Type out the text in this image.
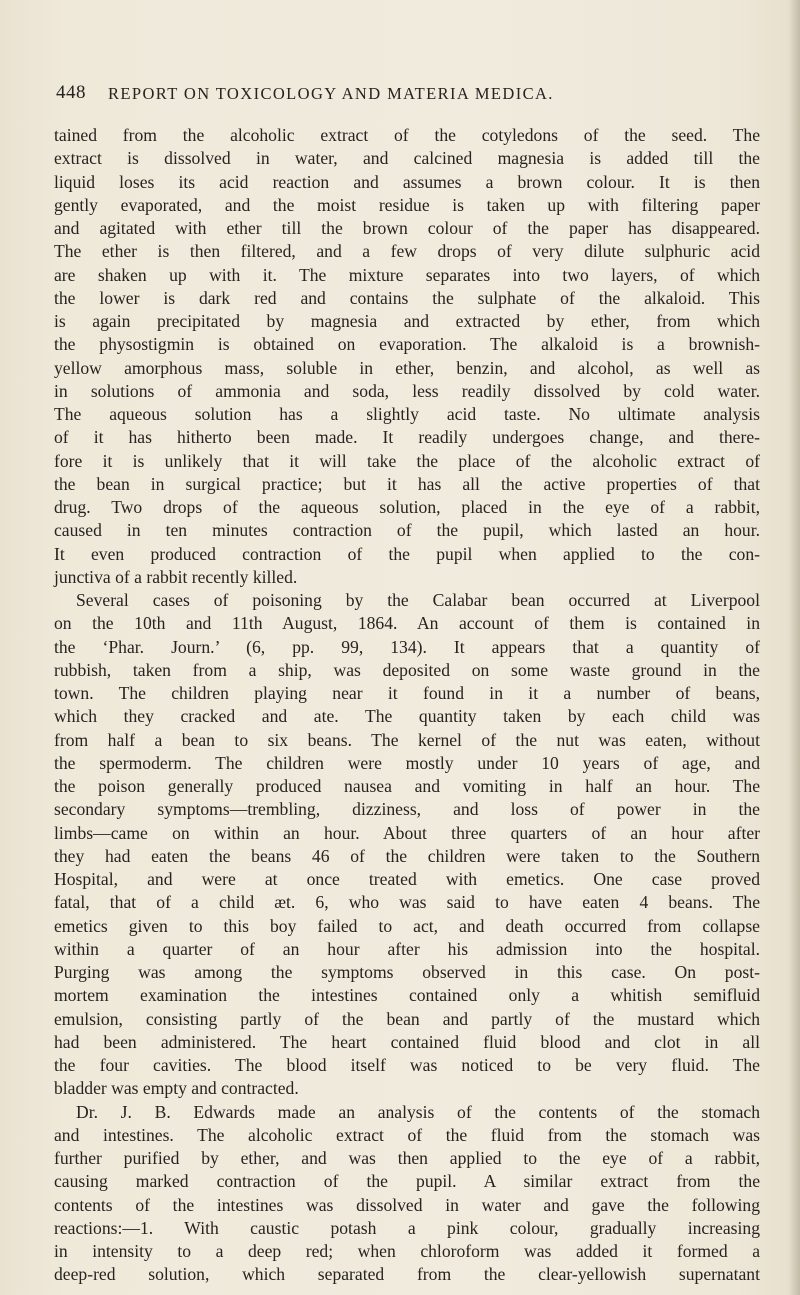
448 REPORT ON TOXICOLOGY AND MATERIA MEDICA.
tained from the alcoholic extract of the cotyledons of the seed. The
extract is dissolved in water, and calcined magnesia is added till the
liquid loses its acid reaction and assumes a brown colour. It is then
gently evaporated, and the moist residue is taken up with filtering paper
and agitated with ether till the brown colour of the paper has disappeared.
The ether is then filtered, and a few drops of very dilute sulphuric acid
are shaken up with it. The mixture separates into two layers, of which
the lower is dark red and contains the sulphate of the alkaloid. This
is again precipitated by magnesia and extracted by ether, from which
the physostigmin is obtained on evaporation. The alkaloid is a brownish-
yellow amorphous mass, soluble in ether, benzin, and alcohol, as well as
in solutions of ammonia and soda, less readily dissolved by cold water.
The aqueous solution has a slightly acid taste. No ultimate analysis
of it has hitherto been made. It readily undergoes change, and there-
fore it is unlikely that it will take the place of the alcoholic extract of
the bean in surgical practice; but it has all the active properties of that
drug. Two drops of the aqueous solution, placed in the eye of a rabbit,
caused in ten minutes contraction of the pupil, which lasted an hour.
It even produced contraction of the pupil when applied to the con-
junctiva of a rabbit recently killed.
Several cases of poisoning by the Calabar bean occurred at Liverpool
on the 10th and 11th August, 1864. An account of them is contained in
the ‘Phar. Journ.’ (6, pp. 99, 134). It appears that a quantity of
rubbish, taken from a ship, was deposited on some waste ground in the
town. The children playing near it found in it a number of beans,
which they cracked and ate. The quantity taken by each child was
from half a bean to six beans. The kernel of the nut was eaten, without
the spermoderm. The children were mostly under 10 years of age, and
the poison generally produced nausea and vomiting in half an hour. The
secondary symptoms—trembling, dizziness, and loss of power in the
limbs—came on within an hour. About three quarters of an hour after
they had eaten the beans 46 of the children were taken to the Southern
Hospital, and were at once treated with emetics. One case proved
fatal, that of a child æt. 6, who was said to have eaten 4 beans. The
emetics given to this boy failed to act, and death occurred from collapse
within a quarter of an hour after his admission into the hospital.
Purging was among the symptoms observed in this case. On post-
mortem examination the intestines contained only a whitish semifluid
emulsion, consisting partly of the bean and partly of the mustard which
had been administered. The heart contained fluid blood and clot in all
the four cavities. The blood itself was noticed to be very fluid. The
bladder was empty and contracted.
Dr. J. B. Edwards made an analysis of the contents of the stomach
and intestines. The alcoholic extract of the fluid from the stomach was
further purified by ether, and was then applied to the eye of a rabbit,
causing marked contraction of the pupil. A similar extract from the
contents of the intestines was dissolved in water and gave the following
reactions:—1. With caustic potash a pink colour, gradually increasing
in intensity to a deep red; when chloroform was added it formed a
deep-red solution, which separated from the clear-yellowish supernatant
